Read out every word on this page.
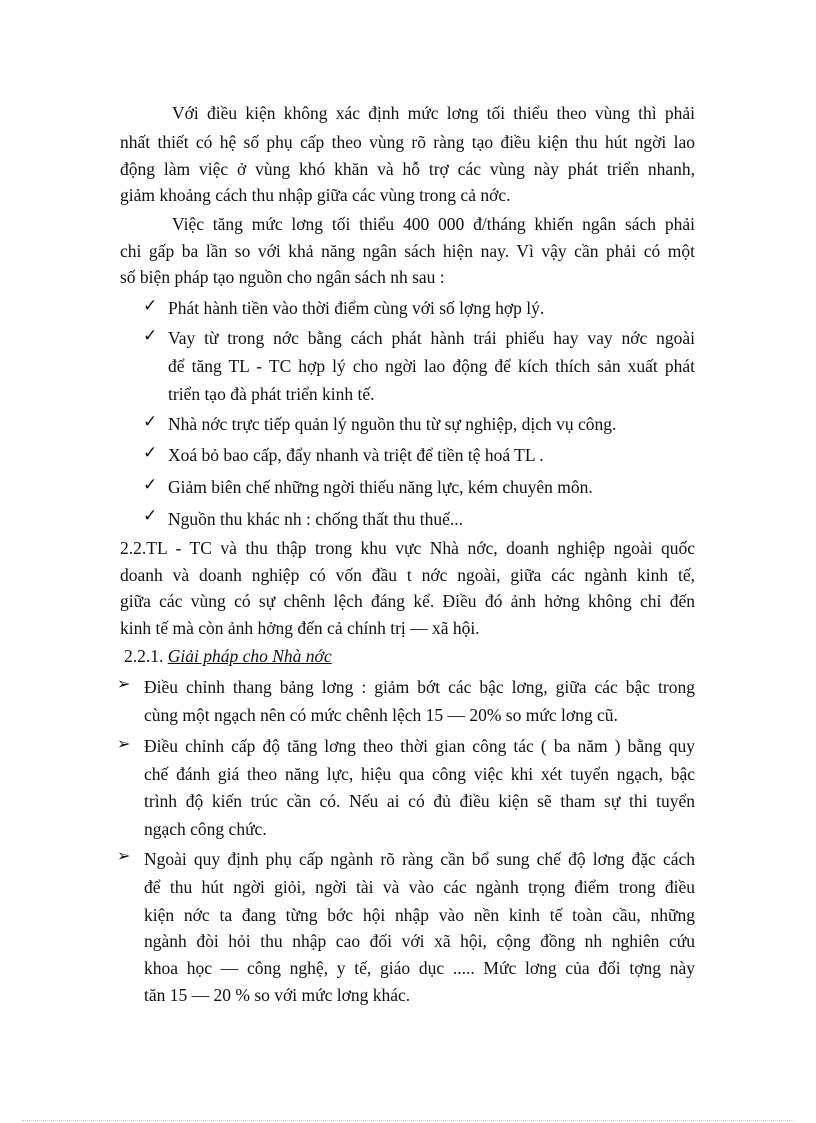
Với điều kiện không xác định mức lơng tối thiểu theo vùng thì phải
nhất thiết có hệ số phụ cấp theo vùng rõ ràng tạo điều kiện thu hút ngời lao
động làm việc ở vùng khó khăn và hỗ trợ các vùng này phát triển nhanh,
giảm khoảng cách thu nhập giữa các vùng trong cả nớc.
Việc tăng mức lơng tối thiểu 400 000 đ/tháng khiến ngân sách phải
chi gấp ba lần so với khả năng ngân sách hiện nay. Vì vậy cần phải có một
số biện pháp tạo nguồn cho ngân sách nh sau :
✓ Phát hành tiền vào thời điểm cùng với số lợng hợp lý.
✓ Vay từ trong nớc bằng cách phát hành trái phiếu hay vay nớc ngoài
để tăng TL - TC hợp lý cho ngời lao động để kích thích sản xuất phát
triển tạo đà phát triển kinh tế.
✓ Nhà nớc trực tiếp quản lý nguồn thu từ sự nghiệp, dịch vụ công.
✓ Xoá bỏ bao cấp, đẩy nhanh và triệt để tiền tệ hoá TL .
✓ Giảm biên chế những ngời thiếu năng lực, kém chuyên môn.
✓ Nguồn thu khác nh : chống thất thu thuế...
2.2.TL - TC và thu thập trong khu vực Nhà nớc, doanh nghiệp ngoài quốc
doanh và doanh nghiệp có vốn đầu t nớc ngoài, giữa các ngành kinh tế,
giữa các vùng có sự chênh lệch đáng kể. Điều đó ảnh hởng không chỉ đến
kinh tế mà còn ảnh hởng đến cả chính trị — xã hội.
2.2.1. Giải pháp cho Nhà nớc
➢ Điều chỉnh thang bảng lơng : giảm bớt các bậc lơng, giữa các bậc trong
cùng một ngạch nên có mức chênh lệch 15 — 20% so mức lơng cũ.
➢ Điều chỉnh cấp độ tăng lơng theo thời gian công tác ( ba năm ) bằng quy
chế đánh giá theo năng lực, hiệu qua công việc khi xét tuyển ngạch, bậc
trình độ kiến trúc cần có. Nếu ai có đủ điều kiện sẽ tham sự thi tuyển
ngạch công chức.
➢ Ngoài quy định phụ cấp ngành rõ ràng cần bổ sung chế độ lơng đặc cách
để thu hút ngời giỏi, ngời tài và vào các ngành trọng điểm trong điều
kiện nớc ta đang từng bớc hội nhập vào nền kinh tế toàn cầu, những
ngành đòi hỏi thu nhập cao đối với xã hội, cộng đồng nh nghiên cứu
khoa học — công nghệ, y tế, giáo dục ..... Mức lơng của đối tợng này
tăn 15 — 20 % so với mức lơng khác.
